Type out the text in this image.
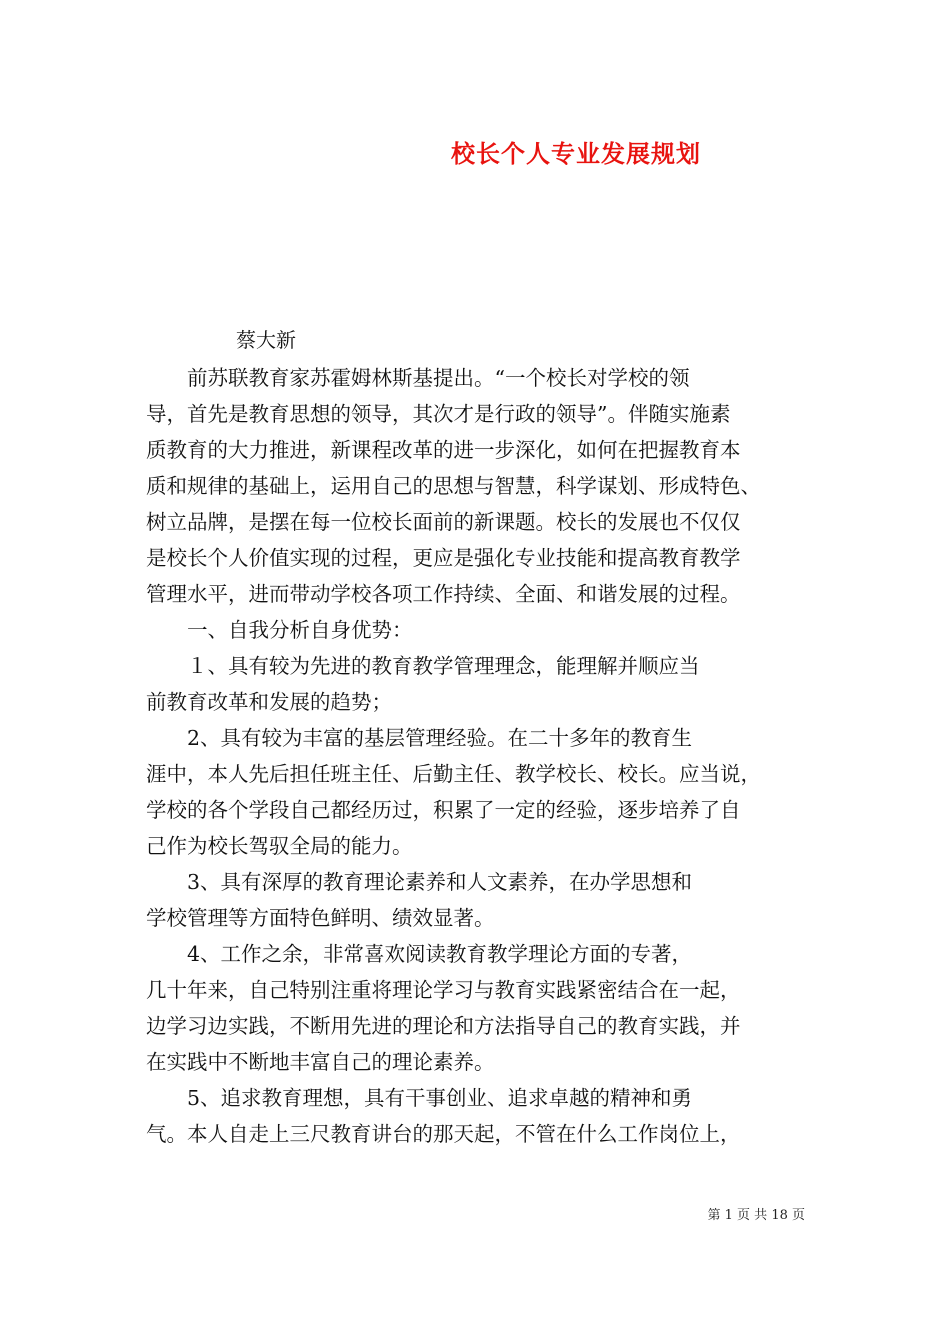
校长个人专业发展规划
蔡大新
　　前苏联教育家苏霍姆林斯基提出。“一个校长对学校的领
导，首先是教育思想的领导，其次才是行政的领导”。伴随实施素
质教育的大力推进，新课程改革的进一步深化，如何在把握教育本
质和规律的基础上，运用自己的思想与智慧，科学谋划、形成特色、
树立品牌，是摆在每一位校长面前的新课题。校长的发展也不仅仅
是校长个人价值实现的过程，更应是强化专业技能和提高教育教学
管理水平，进而带动学校各项工作持续、全面、和谐发展的过程。
　　一、自我分析自身优势：
　　１、具有较为先进的教育教学管理理念，能理解并顺应当
前教育改革和发展的趋势；
　　2、具有较为丰富的基层管理经验。在二十多年的教育生
涯中，本人先后担任班主任、后勤主任、教学校长、校长。应当说，
学校的各个学段自己都经历过，积累了一定的经验，逐步培养了自
己作为校长驾驭全局的能力。
　　3、具有深厚的教育理论素养和人文素养，在办学思想和
学校管理等方面特色鲜明、绩效显著。
　　4、工作之余，非常喜欢阅读教育教学理论方面的专著，
几十年来，自己特别注重将理论学习与教育实践紧密结合在一起，
边学习边实践，不断用先进的理论和方法指导自己的教育实践，并
在实践中不断地丰富自己的理论素养。
　　5、追求教育理想，具有干事创业、追求卓越的精神和勇
气。本人自走上三尺教育讲台的那天起，不管在什么工作岗位上，
第 1 页 共 18 页
